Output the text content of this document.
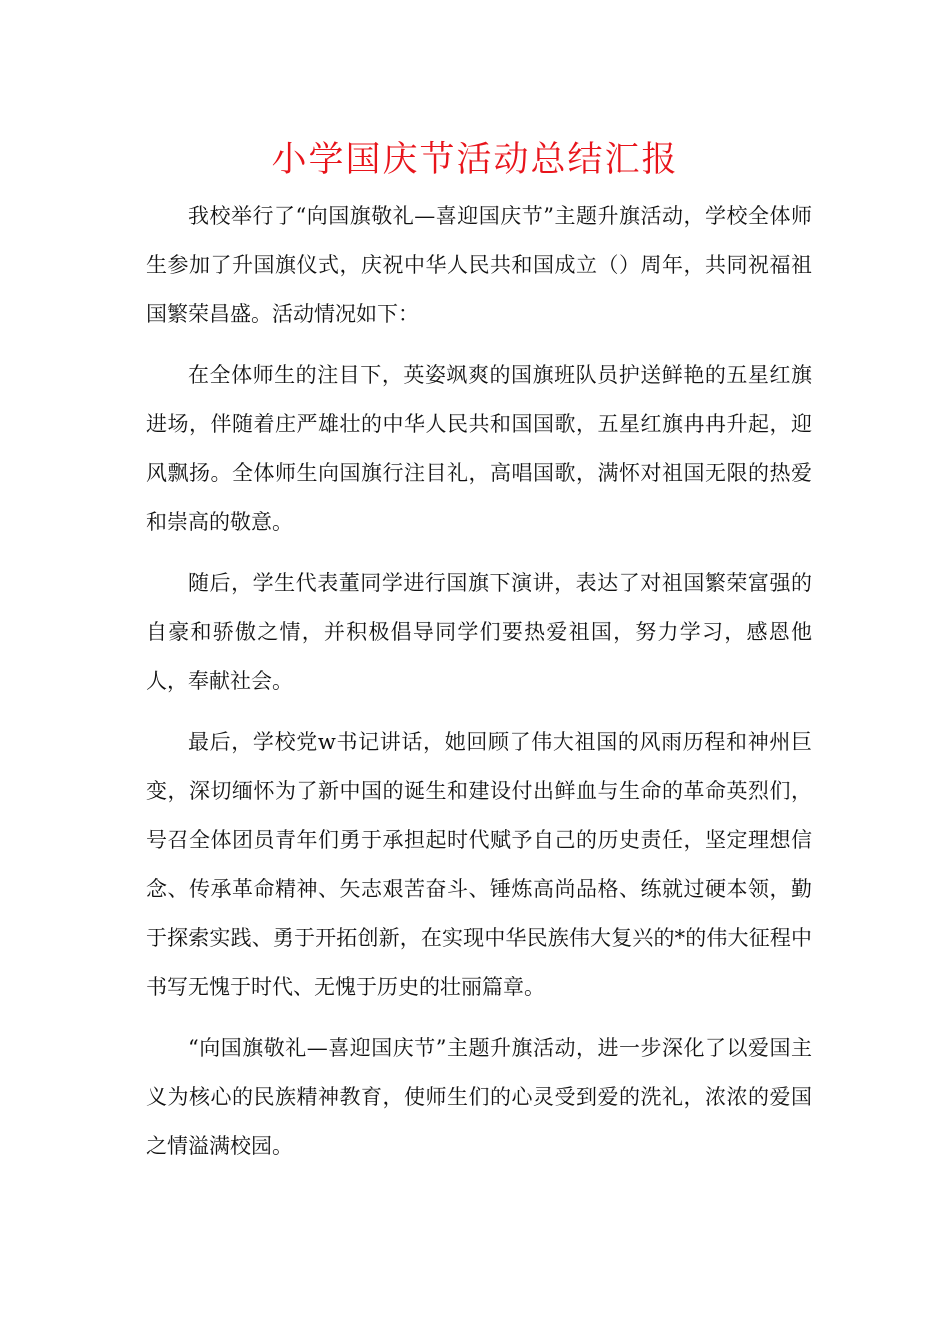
小学国庆节活动总结汇报

我校举行了“向国旗敬礼—喜迎国庆节”主题升旗活动，学校全体师生参加了升国旗仪式，庆祝中华人民共和国成立（）周年，共同祝福祖国繁荣昌盛。活动情况如下：

在全体师生的注目下，英姿飒爽的国旗班队员护送鲜艳的五星红旗进场，伴随着庄严雄壮的中华人民共和国国歌，五星红旗冉冉升起，迎风飘扬。全体师生向国旗行注目礼，高唱国歌，满怀对祖国无限的热爱和崇高的敬意。

随后，学生代表董同学进行国旗下演讲，表达了对祖国繁荣富强的自豪和骄傲之情，并积极倡导同学们要热爱祖国，努力学习，感恩他人，奉献社会。

最后，学校党w书记讲话，她回顾了伟大祖国的风雨历程和神州巨变，深切缅怀为了新中国的诞生和建设付出鲜血与生命的革命英烈们，号召全体团员青年们勇于承担起时代赋予自己的历史责任，坚定理想信念、传承革命精神、矢志艰苦奋斗、锤炼高尚品格、练就过硬本领，勤于探索实践、勇于开拓创新，在实现中华民族伟大复兴的*的伟大征程中书写无愧于时代、无愧于历史的壮丽篇章。

“向国旗敬礼—喜迎国庆节”主题升旗活动，进一步深化了以爱国主义为核心的民族精神教育，使师生们的心灵受到爱的洗礼，浓浓的爱国之情溢满校园。
